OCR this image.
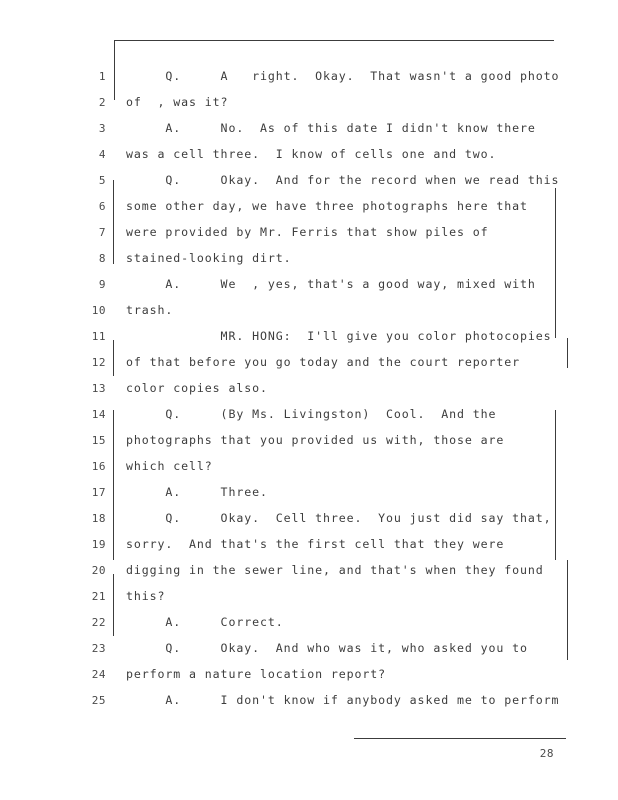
1 Q.     A   right.  Okay.  That wasn't a good photo
2 of  , was it?
3 A.     No.  As of this date I didn't know there
4 was a cell three.  I know of cells one and two.
5 Q.     Okay.  And for the record when we read this
6 some other day, we have three photographs here that
7 were provided by Mr. Ferris that show piles of
8 stained-looking dirt.
9 A.     We  , yes, that's a good way, mixed with
10 trash.
11 MR. HONG:  I'll give you color photocopies
12 of that before you go today and the court reporter
13 color copies also.
14 Q.     (By Ms. Livingston)  Cool.  And the
15 photographs that you provided us with, those are
16 which cell?
17 A.     Three.
18 Q.     Okay.  Cell three.  You just did say that,
19 sorry.  And that's the first cell that they were
20 digging in the sewer line, and that's when they found
21 this?
22 A.     Correct.
23 Q.     Okay.  And who was it, who asked you to
24 perform a nature location report?
25 A.     I don't know if anybody asked me to perform
28
